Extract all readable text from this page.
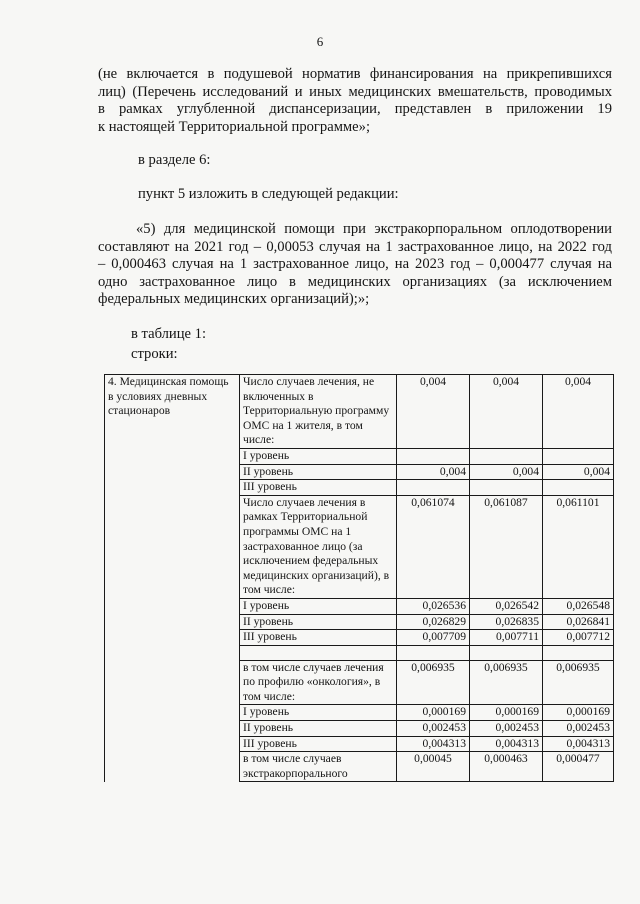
6
(не включается в подушевой норматив финансирования на прикрепившихся
лиц) (Перечень исследований и иных медицинских вмешательств, проводимых
в рамках углубленной диспансеризации, представлен в приложении 19
к настоящей Территориальной программе»;
в разделе 6:
пункт 5 изложить в следующей редакции:
«5) для медицинской помощи при экстракорпоральном оплодотворении
составляют на 2021 год – 0,00053 случая на 1 застрахованное лицо, на 2022 год
– 0,000463 случая на 1 застрахованное лицо, на 2023 год – 0,000477 случая на
одно застрахованное лицо в медицинских организациях (за исключением
федеральных медицинских организаций);»;
в таблице 1:
строки:
4. Медицинская помощь в условиях дневных стационаров	Число случаев лечения, не включенных в Территориальную программу ОМС на 1 жителя, в том числе:	0,004	0,004	0,004
	I уровень			
	II уровень	0,004	0,004	0,004
	III уровень			
	Число случаев лечения в рамках Территориальной программы ОМС на 1 застрахованное лицо (за исключением федеральных медицинских организаций), в том числе:	0,061074	0,061087	0,061101
	I уровень	0,026536	0,026542	0,026548
	II уровень	0,026829	0,026835	0,026841
	III уровень	0,007709	0,007711	0,007712

	в том числе случаев лечения по профилю «онкология», в том числе:	0,006935	0,006935	0,006935
	I уровень	0,000169	0,000169	0,000169
	II уровень	0,002453	0,002453	0,002453
	III уровень	0,004313	0,004313	0,004313
	в том числе случаев экстракорпорального	0,00045	0,000463	0,000477
